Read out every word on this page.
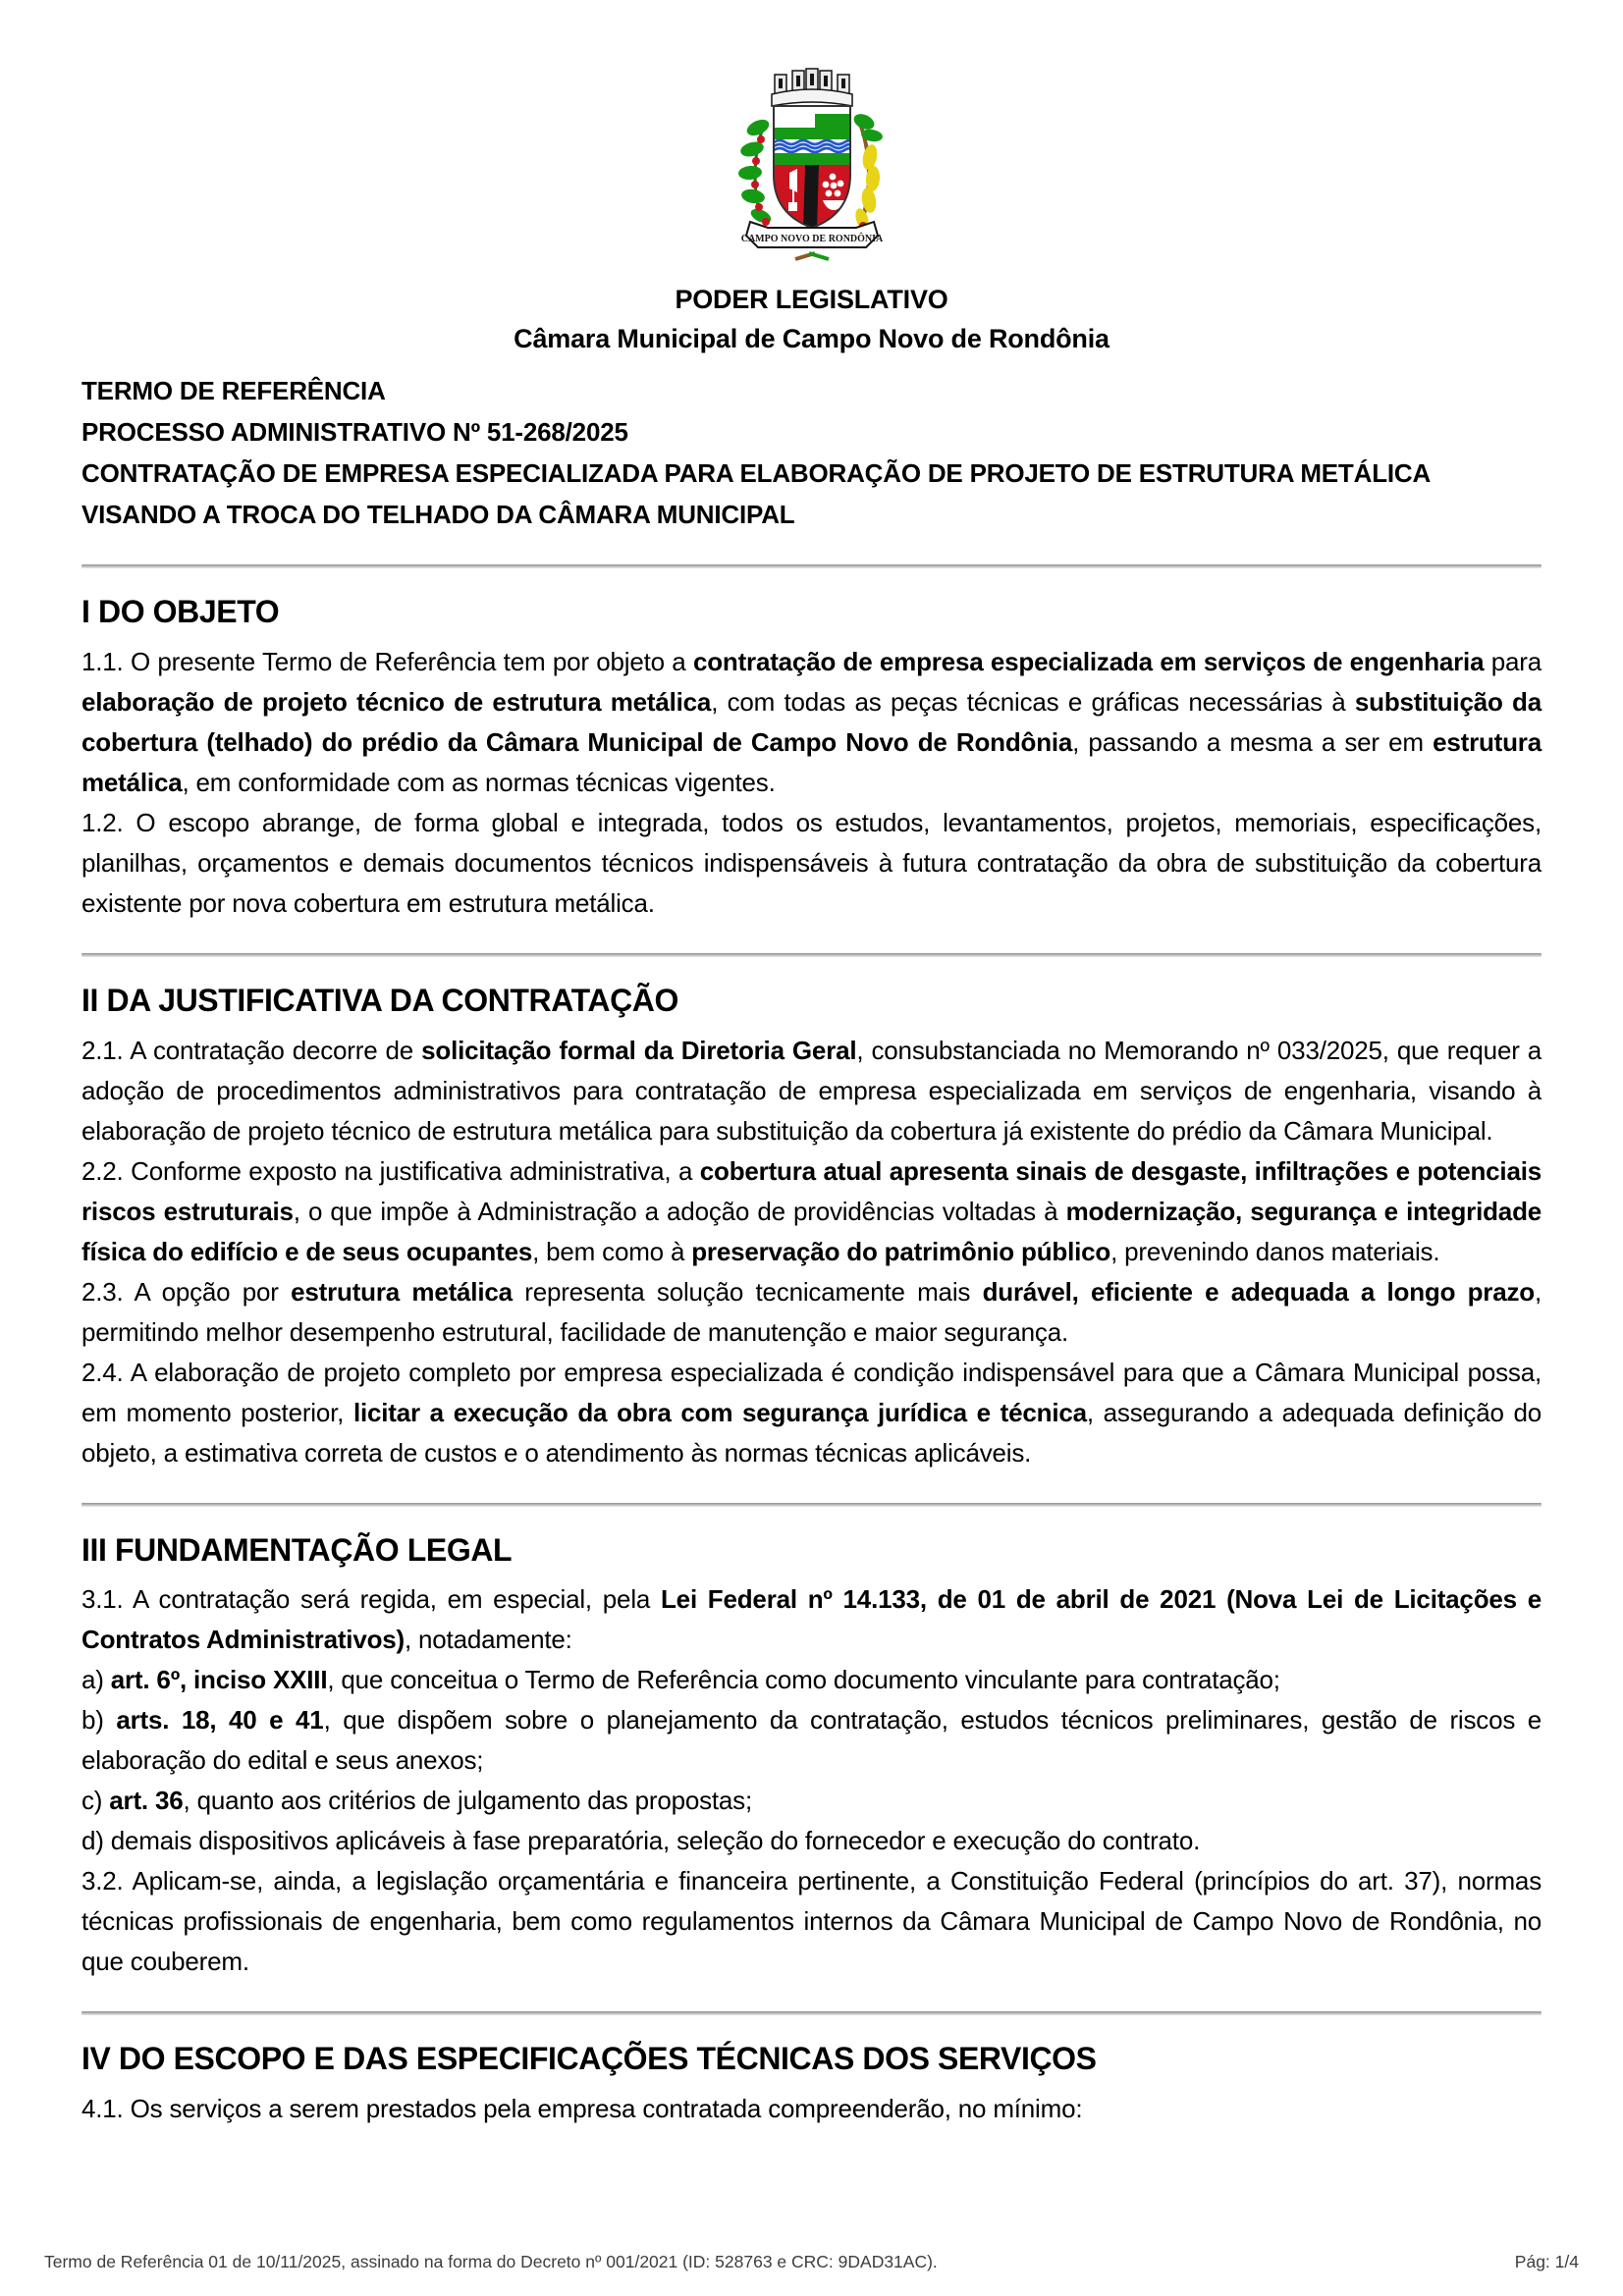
CAMPO NOVO DE RONDÔNIA
PODER LEGISLATIVO
Câmara Municipal de Campo Novo de Rondônia
TERMO DE REFERÊNCIA
PROCESSO ADMINISTRATIVO Nº 51-268/2025
CONTRATAÇÃO DE EMPRESA ESPECIALIZADA PARA ELABORAÇÃO DE PROJETO DE ESTRUTURA METÁLICA
VISANDO A TROCA DO TELHADO DA CÂMARA MUNICIPAL
I DO OBJETO

1.1. O presente Termo de Referência tem por objeto a contratação de empresa especializada em serviços de engenharia para elaboração de projeto técnico de estrutura metálica, com todas as peças técnicas e gráficas necessárias à substituição da cobertura (telhado) do prédio da Câmara Municipal de Campo Novo de Rondônia, passando a mesma a ser em estrutura metálica, em conformidade com as normas técnicas vigentes.

1.2. O escopo abrange, de forma global e integrada, todos os estudos, levantamentos, projetos, memoriais, especificações, planilhas, orçamentos e demais documentos técnicos indispensáveis à futura contratação da obra de substituição da cobertura existente por nova cobertura em estrutura metálica.

II DA JUSTIFICATIVA DA CONTRATAÇÃO

2.1. A contratação decorre de solicitação formal da Diretoria Geral, consubstanciada no Memorando nº 033/2025, que requer a adoção de procedimentos administrativos para contratação de empresa especializada em serviços de engenharia, visando à elaboração de projeto técnico de estrutura metálica para substituição da cobertura já existente do prédio da Câmara Municipal.

2.2. Conforme exposto na justificativa administrativa, a cobertura atual apresenta sinais de desgaste, infiltrações e potenciais riscos estruturais, o que impõe à Administração a adoção de providências voltadas à modernização, segurança e integridade física do edifício e de seus ocupantes, bem como à preservação do patrimônio público, prevenindo danos materiais.

2.3. A opção por estrutura metálica representa solução tecnicamente mais durável, eficiente e adequada a longo prazo, permitindo melhor desempenho estrutural, facilidade de manutenção e maior segurança.

2.4. A elaboração de projeto completo por empresa especializada é condição indispensável para que a Câmara Municipal possa, em momento posterior, licitar a execução da obra com segurança jurídica e técnica, assegurando a adequada definição do objeto, a estimativa correta de custos e o atendimento às normas técnicas aplicáveis.

III FUNDAMENTAÇÃO LEGAL

3.1. A contratação será regida, em especial, pela Lei Federal nº 14.133, de 01 de abril de 2021 (Nova Lei de Licitações e Contratos Administrativos), notadamente:

a) art. 6º, inciso XXIII, que conceitua o Termo de Referência como documento vinculante para contratação;

b) arts. 18, 40 e 41, que dispõem sobre o planejamento da contratação, estudos técnicos preliminares, gestão de riscos e elaboração do edital e seus anexos;

c) art. 36, quanto aos critérios de julgamento das propostas;

d) demais dispositivos aplicáveis à fase preparatória, seleção do fornecedor e execução do contrato.

3.2. Aplicam-se, ainda, a legislação orçamentária e financeira pertinente, a Constituição Federal (princípios do art. 37), normas técnicas profissionais de engenharia, bem como regulamentos internos da Câmara Municipal de Campo Novo de Rondônia, no que couberem.

IV DO ESCOPO E DAS ESPECIFICAÇÕES TÉCNICAS DOS SERVIÇOS

4.1. Os serviços a serem prestados pela empresa contratada compreenderão, no mínimo:

Termo de Referência 01 de 10/11/2025, assinado na forma do Decreto nº 001/2021 (ID: 528763 e CRC: 9DAD31AC).	Pág: 1/4
